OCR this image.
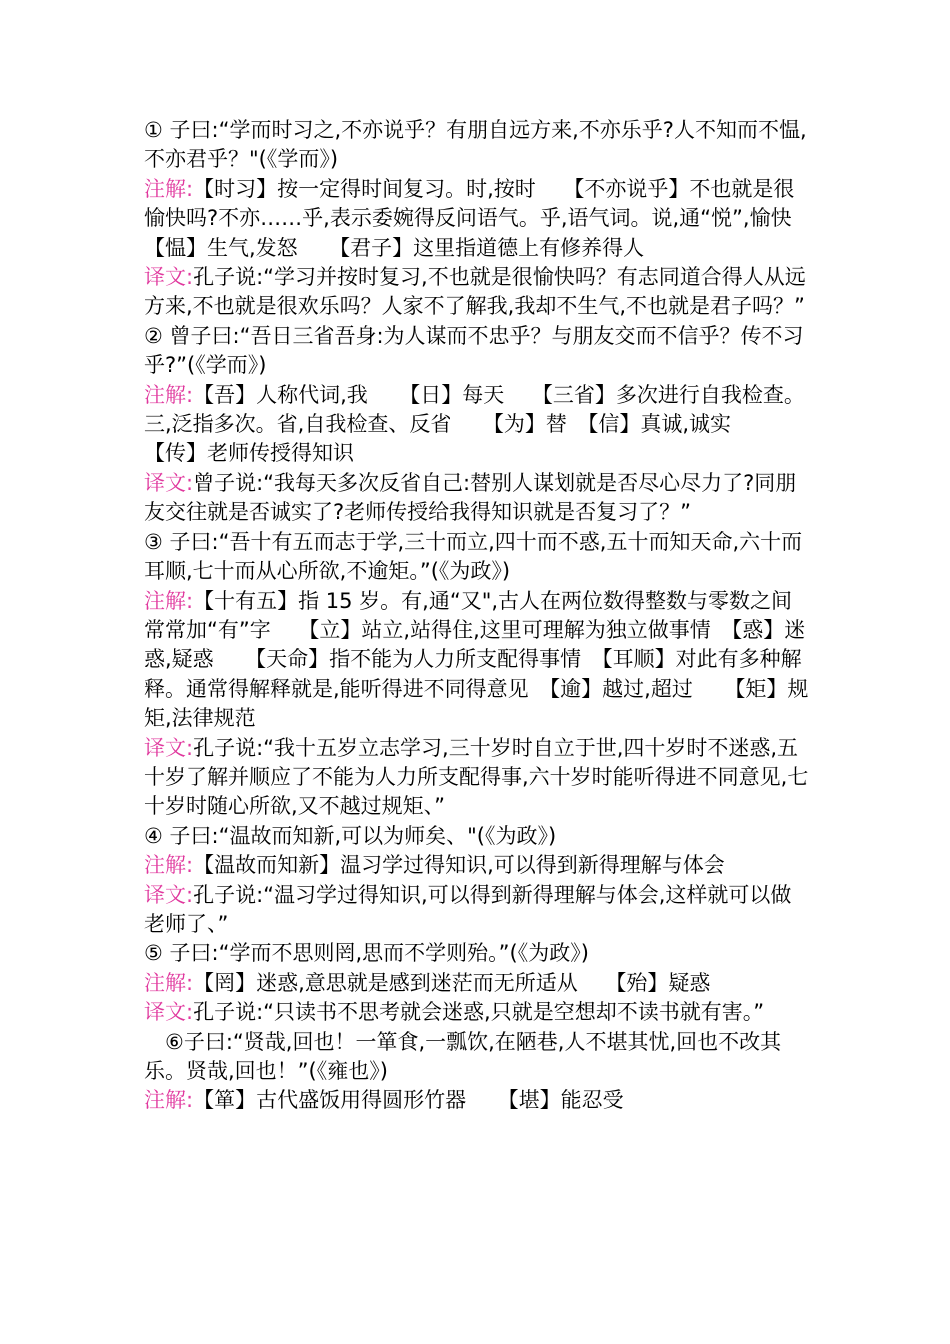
① 子曰:“学而时习之,不亦说乎？有朋自远方来,不亦乐乎?人不知而不愠,不亦君乎？"(《学而》)

注解:【时习】按一定得时间复习。时,按时　 【不亦说乎】不也就是很愉快吗?不亦……乎,表示委婉得反问语气。乎,语气词。说,通“悦”,愉快　 【愠】生气,发怒　　【君子】这里指道德上有修养得人

译文:孔子说:“学习并按时复习,不也就是很愉快吗？有志同道合得人从远方来,不也就是很欢乐吗？人家不了解我,我却不生气,不也就是君子吗？”

② 曾子曰:“吾日三省吾身:为人谋而不忠乎？与朋友交而不信乎？传不习乎?”(《学而》)

注解:【吾】人称代词,我　　【日】每天　 【三省】多次进行自我检查。三,泛指多次。省,自我检查、反省　　【为】替　【信】真诚,诚实　 【传】老师传授得知识

译文:曾子说:“我每天多次反省自己:替别人谋划就是否尽心尽力了?同朋友交往就是否诚实了?老师传授给我得知识就是否复习了？”

③ 子曰:“吾十有五而志于学,三十而立,四十而不惑,五十而知天命,六十而耳顺,七十而从心所欲,不逾矩。”(《为政》)

注解:【十有五】指 15 岁。有,通“又",古人在两位数得整数与零数之间常常加“有”字　 【立】站立,站得住,这里可理解为独立做事情　【惑】迷惑,疑惑　　【天命】指不能为人力所支配得事情　【耳顺】对此有多种解释。通常得解释就是,能听得进不同得意见　【逾】越过,超过　　【矩】规矩,法律规范

译文:孔子说:“我十五岁立志学习,三十岁时自立于世,四十岁时不迷惑,五十岁了解并顺应了不能为人力所支配得事,六十岁时能听得进不同意见,七十岁时随心所欲,又不越过规矩、”

④ 子曰:“温故而知新,可以为师矣、"(《为政》)

注解:【温故而知新】温习学过得知识,可以得到新得理解与体会

译文:孔子说:“温习学过得知识,可以得到新得理解与体会,这样就可以做老师了、”

⑤ 子曰:“学而不思则罔,思而不学则殆。”(《为政》)

注解:【罔】迷惑,意思就是感到迷茫而无所适从　 【殆】疑惑

译文:孔子说:“只读书不思考就会迷惑,只就是空想却不读书就有害。”

　⑥子曰:“贤哉,回也！一箪食,一瓢饮,在陋巷,人不堪其忧,回也不改其乐。贤哉,回也！”(《雍也》)

注解:【箪】古代盛饭用得圆形竹器　　【堪】能忍受
